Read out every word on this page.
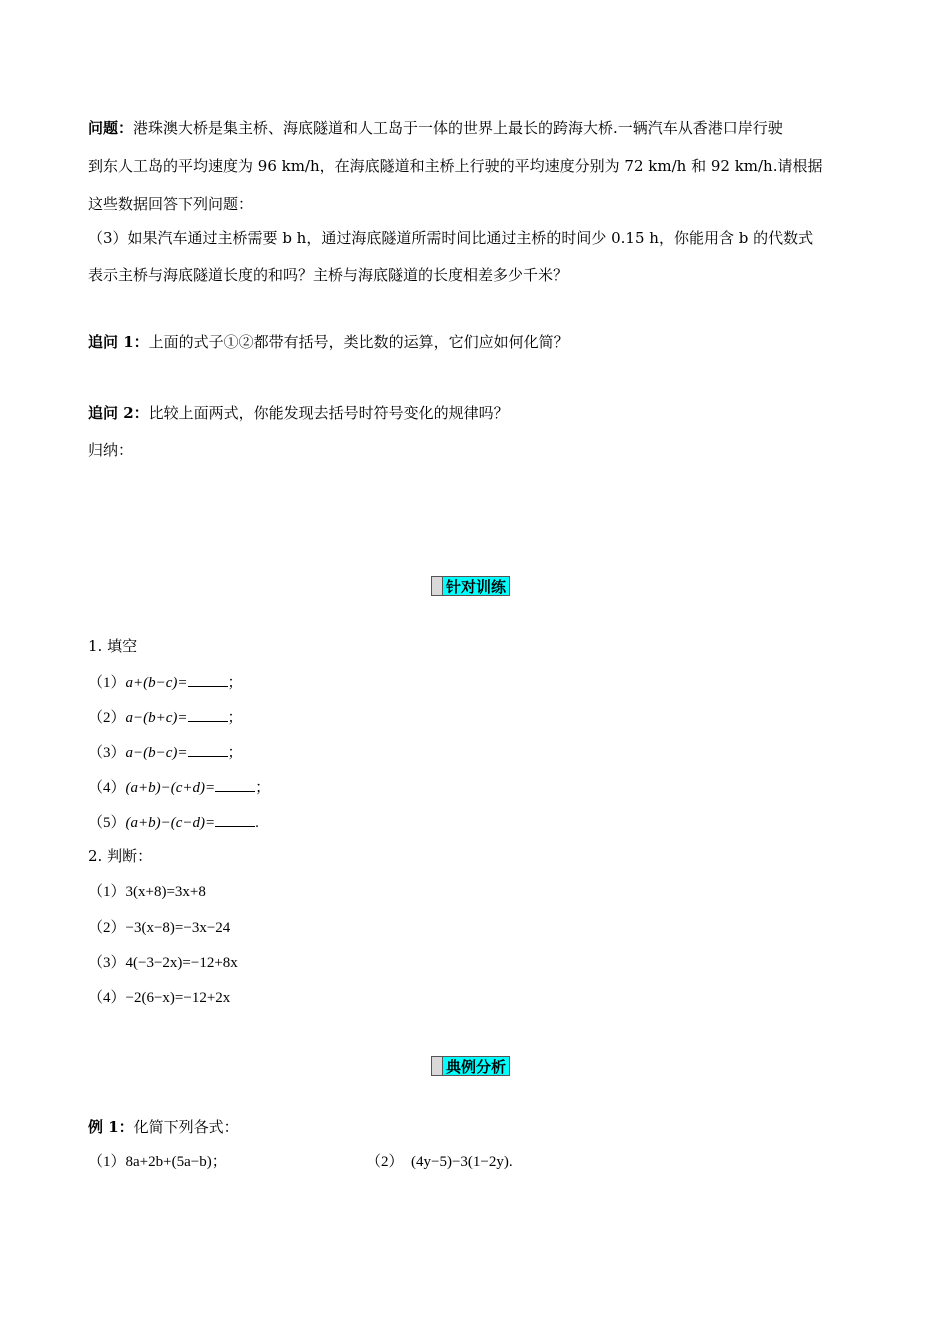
问题：港珠澳大桥是集主桥、海底隧道和人工岛于一体的世界上最长的跨海大桥.一辆汽车从香港口岸行驶
到东人工岛的平均速度为 96 km/h，在海底隧道和主桥上行驶的平均速度分别为 72 km/h 和 92 km/h.请根据
这些数据回答下列问题：
（3）如果汽车通过主桥需要 b h，通过海底隧道所需时间比通过主桥的时间少 0.15 h，你能用含 b 的代数式
表示主桥与海底隧道长度的和吗？主桥与海底隧道的长度相差多少千米？
追问 1：上面的式子①②都带有括号，类比数的运算，它们应如何化简？
追问 2：比较上面两式，你能发现去括号时符号变化的规律吗？
归纳：
针对训练
1. 填空
（1）a+(b−c)=	；
（2）a−(b+c)=	；
（3）a−(b−c)=	；
（4）(a+b)−(c+d)=	；
（5）(a+b)−(c−d)=	.
2. 判断：
（1）3(x+8)=3x+8
（2）−3(x−8)=−3x−24
（3）4(−3−2x)=−12+8x
（4）−2(6−x)=−12+2x
典例分析
例 1：化简下列各式：
（1）8a+2b+(5a−b)；	（2） (4y−5)−3(1−2y).
